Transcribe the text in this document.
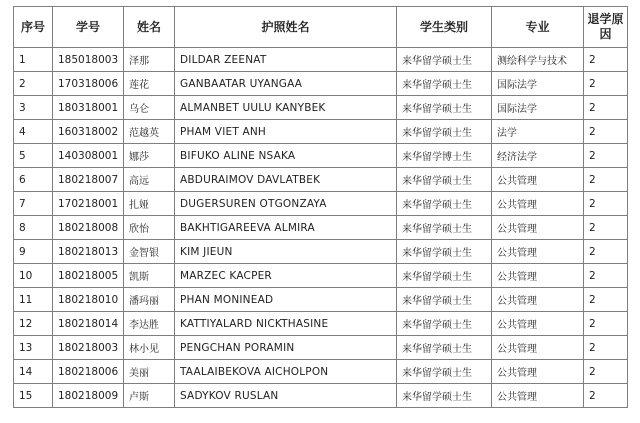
序号	学号	姓名	护照姓名	学生类别	专业	退学原因
1	185018003	泽那	DILDAR ZEENAT	来华留学硕士生	测绘科学与技术	2
2	170318006	莲花	GANBAATAR UYANGAA	来华留学硕士生	国际法学	2
3	180318001	乌仑	ALMANBET UULU KANYBEK	来华留学硕士生	国际法学	2
4	160318002	范越英	PHAM VIET ANH	来华留学硕士生	法学	2
5	140308001	娜莎	BIFUKO ALINE NSAKA	来华留学博士生	经济法学	2
6	180218007	高远	ABDURAIMOV DAVLATBEK	来华留学硕士生	公共管理	2
7	170218001	扎娅	DUGERSUREN OTGONZAYA	来华留学硕士生	公共管理	2
8	180218008	欣怡	BAKHTIGAREEVA ALMIRA	来华留学硕士生	公共管理	2
9	180218013	金智银	KIM JIEUN	来华留学硕士生	公共管理	2
10	180218005	凯斯	MARZEC KACPER	来华留学硕士生	公共管理	2
11	180218010	潘玛丽	PHAN MONINEAD	来华留学硕士生	公共管理	2
12	180218014	李达胜	KATTIYALARD NICKTHASINE	来华留学硕士生	公共管理	2
13	180218003	林小见	PENGCHAN PORAMIN	来华留学硕士生	公共管理	2
14	180218006	美丽	TAALAIBEKOVA AICHOLPON	来华留学硕士生	公共管理	2
15	180218009	卢斯	SADYKOV RUSLAN	来华留学硕士生	公共管理	2
